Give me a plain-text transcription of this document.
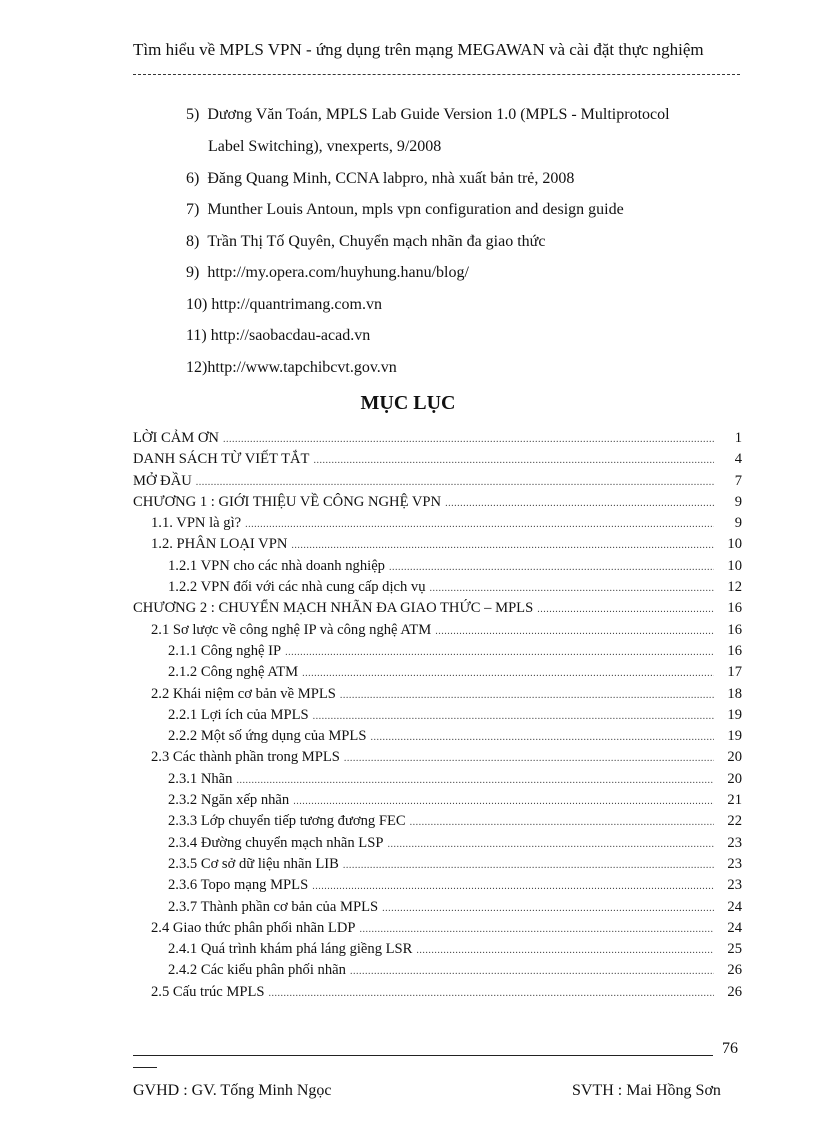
Tìm hiểu về MPLS VPN - ứng dụng trên mạng MEGAWAN và cài đặt thực nghiệm
5) Dương Văn Toán, MPLS Lab Guide Version 1.0 (MPLS - Multiprotocol
Label Switching), vnexperts, 9/2008
6) Đăng Quang Minh, CCNA labpro, nhà xuất bản trẻ, 2008
7) Munther Louis Antoun, mpls vpn configuration and design guide
8) Trần Thị Tố Quyên, Chuyển mạch nhãn đa giao thức
9) http://my.opera.com/huyhung.hanu/blog/
10) http://quantrimang.com.vn
11) http://saobacdau-acad.vn
12)http://www.tapchibcvt.gov.vn
MỤC LỤC
LỜI CẢM ƠN .....	1
DANH SÁCH TỪ VIẾT TẮT .....	4
MỞ ĐẦU .....	7
CHƯƠNG 1 : GIỚI THIỆU VỀ CÔNG NGHỆ VPN .....	9
1.1. VPN là gì? .....	9
1.2. PHÂN LOẠI VPN .....	10
1.2.1 VPN cho các nhà doanh nghiệp .....	10
1.2.2 VPN đối với các nhà cung cấp dịch vụ .....	12
CHƯƠNG 2 : CHUYỂN MẠCH NHÃN ĐA GIAO THỨC – MPLS .....	16
2.1 Sơ lược về công nghệ IP và công nghệ ATM .....	16
2.1.1 Công nghệ IP .....	16
2.1.2 Công nghệ ATM .....	17
2.2 Khái niệm cơ bản về MPLS .....	18
2.2.1 Lợi ích của MPLS .....	19
2.2.2 Một số ứng dụng của MPLS .....	19
2.3 Các thành phần trong MPLS .....	20
2.3.1 Nhãn .....	20
2.3.2 Ngăn xếp nhãn .....	21
2.3.3 Lớp chuyển tiếp tương đương FEC .....	22
2.3.4 Đường chuyển mạch nhãn LSP .....	23
2.3.5 Cơ sở dữ liệu nhãn LIB .....	23
2.3.6 Topo mạng MPLS .....	23
2.3.7 Thành phần cơ bản của MPLS .....	24
2.4 Giao thức phân phối nhãn LDP .....	24
2.4.1 Quá trình khám phá láng giềng LSR .....	25
2.4.2 Các kiểu phân phối nhãn .....	26
2.5 Cấu trúc MPLS .....	26
76
GVHD : GV. Tống Minh Ngọc	SVTH : Mai Hồng Sơn
